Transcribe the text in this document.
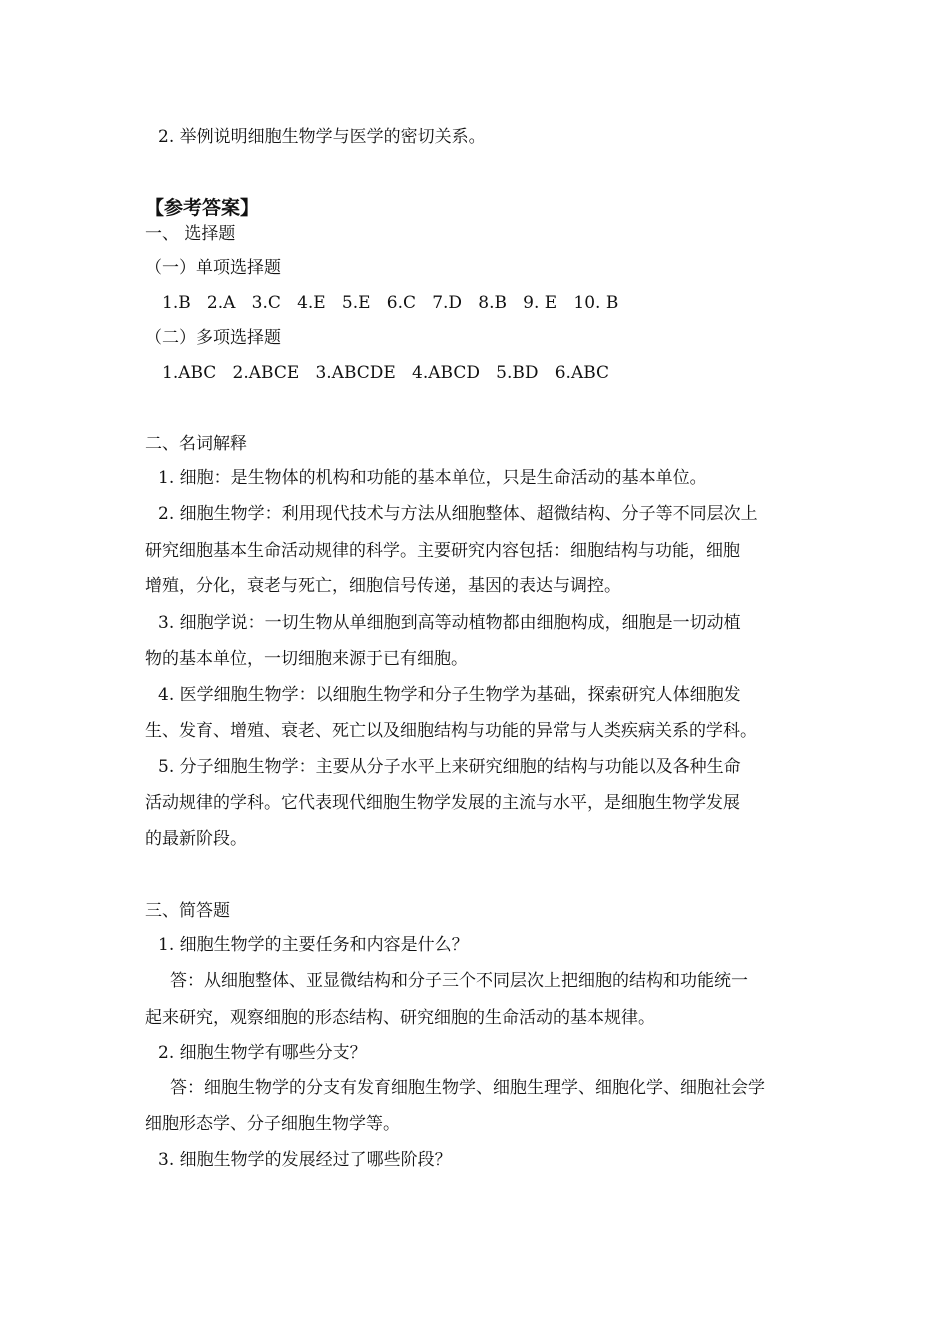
2. 举例说明细胞生物学与医学的密切关系。

【参考答案】

一、 选择题

（一）单项选择题

1.B   2.A   3.C   4.E   5.E   6.C   7.D   8.B   9. E   10. B

（二）多项选择题

1.ABC   2.ABCE   3.ABCDE   4.ABCD   5.BD   6.ABC

二、名词解释

1. 细胞：是生物体的机构和功能的基本单位，只是生命活动的基本单位。

2. 细胞生物学：利用现代技术与方法从细胞整体、超微结构、分子等不同层次上

研究细胞基本生命活动规律的科学。主要研究内容包括：细胞结构与功能，细胞

增殖，分化，衰老与死亡，细胞信号传递，基因的表达与调控。

3. 细胞学说：一切生物从单细胞到高等动植物都由细胞构成，细胞是一切动植

物的基本单位，一切细胞来源于已有细胞。

4. 医学细胞生物学：以细胞生物学和分子生物学为基础，探索研究人体细胞发

生、发育、增殖、衰老、死亡以及细胞结构与功能的异常与人类疾病关系的学科。

5. 分子细胞生物学：主要从分子水平上来研究细胞的结构与功能以及各种生命

活动规律的学科。它代表现代细胞生物学发展的主流与水平，是细胞生物学发展

的最新阶段。

三、简答题

1. 细胞生物学的主要任务和内容是什么？

答：从细胞整体、亚显微结构和分子三个不同层次上把细胞的结构和功能统一

起来研究，观察细胞的形态结构、研究细胞的生命活动的基本规律。

2. 细胞生物学有哪些分支？

答：细胞生物学的分支有发育细胞生物学、细胞生理学、细胞化学、细胞社会学

细胞形态学、分子细胞生物学等。

3. 细胞生物学的发展经过了哪些阶段？
